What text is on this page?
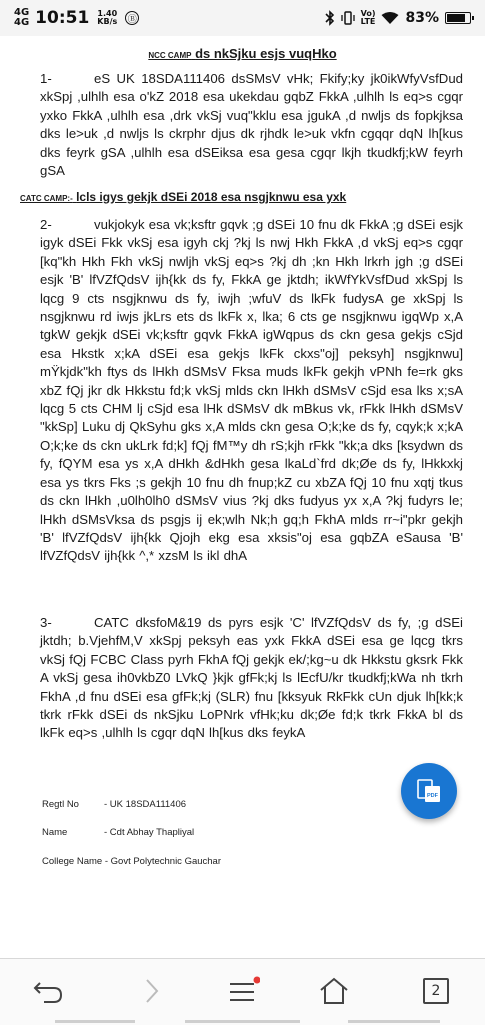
4G
4G 10:51 1.40
KB/s Ⓑ
Vo)
LTE 83%
NCC CAMP ds nkSjku esjs vuqHko
1-	eS UK 18SDA111406 dsSMsV vHk; Fkify;ky jk0ikWfyVsfDud xkSpj ,ulhlh esa o'kZ 2018 esa ukekdau gqbZ FkkA ,ulhlh ls eq>s cgqr yxko FkkA ,ulhlh esa ,drk vkSj vuq"kklu esa jgukA ,d nwljs ds fopkjksa dks le>uk ,d nwljs ls ckrphr djus dk rjhdk le>uk vkfn cgqqr dqN lh[kus dks feyrk gSA ,ulhlh esa dSEiksa esa gesa cgqr lkjh tkudkfj;kW feyrh gSA
CATC CAMP:- lcls igys gekjk dSEi 2018 esa nsgjknwu esa yxk
2-	vukjokyk esa vk;ksftr gqvk ;g dSEi 10 fnu dk FkkA ;g dSEi esjk igyk dSEi Fkk vkSj esa igyh ckj ?kj ls nwj Hkh FkkA ,d vkSj eq>s cgqr [kq"kh Hkh Fkh vkSj nwljh vkSj eq>s ?kj dh ;kn Hkh lrkrh jgh ;g dSEi esjk 'B' lfVZfQdsV ijh{kk ds fy, FkkA ge jktdh; ikWfYkVsfDud xkSpj ls lqcg 9 cts nsgjknwu ds fy, iwjh ;wfuV ds lkFk fudysA ge xkSpj ls nsgjknwu rd iwjs jkLrs ets ds lkFk x, lka; 6 cts ge nsgjknwu igqWp x,A tgkW gekjk dSEi vk;ksftr gqvk FkkA igWqpus ds ckn gesa gekjs cSjd esa Hkstk x;kA dSEi esa gekjs lkFk ckxs"oj] peksyh] nsgjknwu] mŸkjdk"kh ftys ds lHkh dSMsV Fksa muds lkFk gekjh vPNh fe=rk gks xbZ fQj jkr dk Hkkstu fd;k vkSj mlds ckn lHkh dSMsV cSjd esa lks x;sA lqcg 5 cts CHM lj cSjd esa lHk dSMsV dk mBkus vk, rFkk lHkh dSMsV "kkSp] Luku dj QkSyhu gks x,A mlds ckn gesa O;k;ke ds fy, cqyk;k x;kA O;k;ke ds ckn ukLrk fd;k] fQj fM™y dh rS;kjh rFkk "kk;a dks [ksydwn ds fy, fQYM esa ys x,A dHkh &dHkh gesa lkaLd`frd dk;Øe ds fy, lHkkxkj esa ys tkrs Fks ;s gekjh 10 fnu dh fnup;kZ cu xbZA fQj 10 fnu xqtj tkus ds ckn lHkh ,u0lh0lh0 dSMsV vius ?kj dks fudyus yx x,A ?kj fudyrs le; lHkh dSMsVksa ds psgjs ij ek;wlh Nk;h gq;h FkhA mlds rr~i"pkr gekjh 'B' lfVZfQdsV ijh{kk Qjojh ekg esa xksis"oj esa gqbZA eSausa 'B' lfVZfQdsV ijh{kk ^,* xzsM ls ikl dhA
3-	CATC dksfoM&19 ds pyrs esjk 'C' lfVZfQdsV ds fy, ;g dSEi jktdh; b.VjehfM,V xkSpj peksyh eas yxk FkkA dSEi esa ge lqcg tkrs vkSj fQj FCBC Class pyrh FkhA fQj gekjk ek/;kg~u dk Hkkstu gksrk Fkk A vkSj gesa ih0vkbZ0 LVkQ }kjk gfFk;kj ls lEcfU/kr tkudkfj;kWa nh tkrh FkhA ,d fnu dSEi esa gfFk;kj (SLR) fnu [kksyuk RkFkk cUn djuk lh[kk;k tkrk rFkk dSEi ds nkSjku LoPNrk vfHk;ku dk;Øe fd;k tkrk FkkA bl ds lkFk eq>s ,ulhlh ls cgqr dqN lh[kus dks feykA
Regtl No	- UK 18SDA111406
Name	- Cdt Abhay Thapliyal
College Name - Govt Polytechnic Gauchar
PDF
2
